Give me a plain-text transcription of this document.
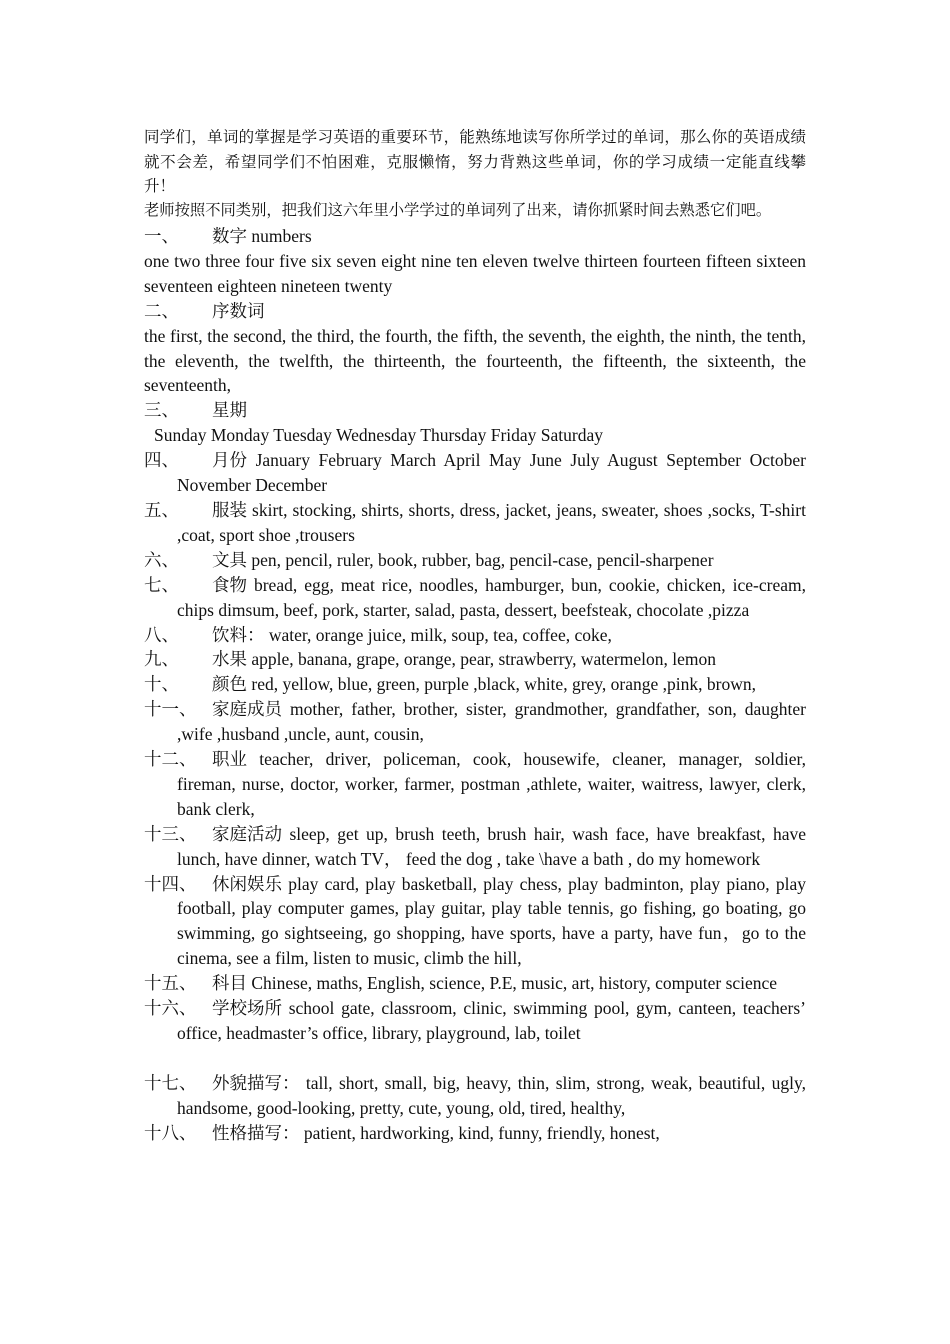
同学们，单词的掌握是学习英语的重要环节，能熟练地读写你所学过的单词，那么你的英语成绩就不会差，希望同学们不怕困难，克服懒惰，努力背熟这些单词，你的学习成绩一定能直线攀升！
老师按照不同类别，把我们这六年里小学学过的单词列了出来，请你抓紧时间去熟悉它们吧。
一、 数字 numbers
one two three four five six seven eight nine ten eleven twelve thirteen fourteen fifteen sixteen seventeen eighteen nineteen twenty
二、 序数词
the first, the second, the third, the fourth, the fifth, the seventh, the eighth, the ninth, the tenth, the eleventh, the twelfth, the thirteenth, the fourteenth, the fifteenth, the sixteenth, the seventeenth,
三、 星期
Sunday Monday Tuesday Wednesday Thursday Friday Saturday
四、 月份 January February March April May June July August September October November December
五、 服装 skirt, stocking, shirts, shorts, dress, jacket, jeans, sweater, shoes ,socks, T-shirt ,coat, sport shoe ,trousers
六、 文具 pen, pencil, ruler, book, rubber, bag, pencil-case, pencil-sharpener
七、 食物 bread, egg, meat rice, noodles, hamburger, bun, cookie, chicken, ice-cream, chips dimsum, beef, pork, starter, salad, pasta, dessert, beefsteak, chocolate ,pizza
八、 饮料： water, orange juice, milk, soup, tea, coffee, coke,
九、 水果 apple, banana, grape, orange, pear, strawberry, watermelon, lemon
十、 颜色 red, yellow, blue, green, purple ,black, white, grey, orange ,pink, brown,
十一、 家庭成员 mother, father, brother, sister, grandmother, grandfather, son, daughter ,wife ,husband ,uncle, aunt, cousin,
十二、 职业 teacher, driver, policeman, cook, housewife, cleaner, manager, soldier, fireman, nurse, doctor, worker, farmer, postman ,athlete, waiter, waitress, lawyer, clerk, bank clerk,
十三、 家庭活动 sleep, get up, brush teeth, brush hair, wash face, have breakfast, have lunch, have dinner, watch TV， feed the dog , take \have a bath , do my homework
十四、 休闲娱乐 play card, play basketball, play chess, play badminton, play piano, play football, play computer games, play guitar, play table tennis, go fishing, go boating, go swimming, go sightseeing, go shopping, have sports, have a party, have fun，go to the cinema, see a film, listen to music, climb the hill,
十五、 科目 Chinese, maths, English, science, P.E, music, art, history, computer science
十六、 学校场所 school gate, classroom, clinic, swimming pool, gym, canteen, teachers’ office, headmaster’s office, library, playground, lab, toilet
十七、 外貌描写： tall, short, small, big, heavy, thin, slim, strong, weak, beautiful, ugly, handsome, good-looking, pretty, cute, young, old, tired, healthy,
十八、 性格描写： patient, hardworking, kind, funny, friendly, honest,
